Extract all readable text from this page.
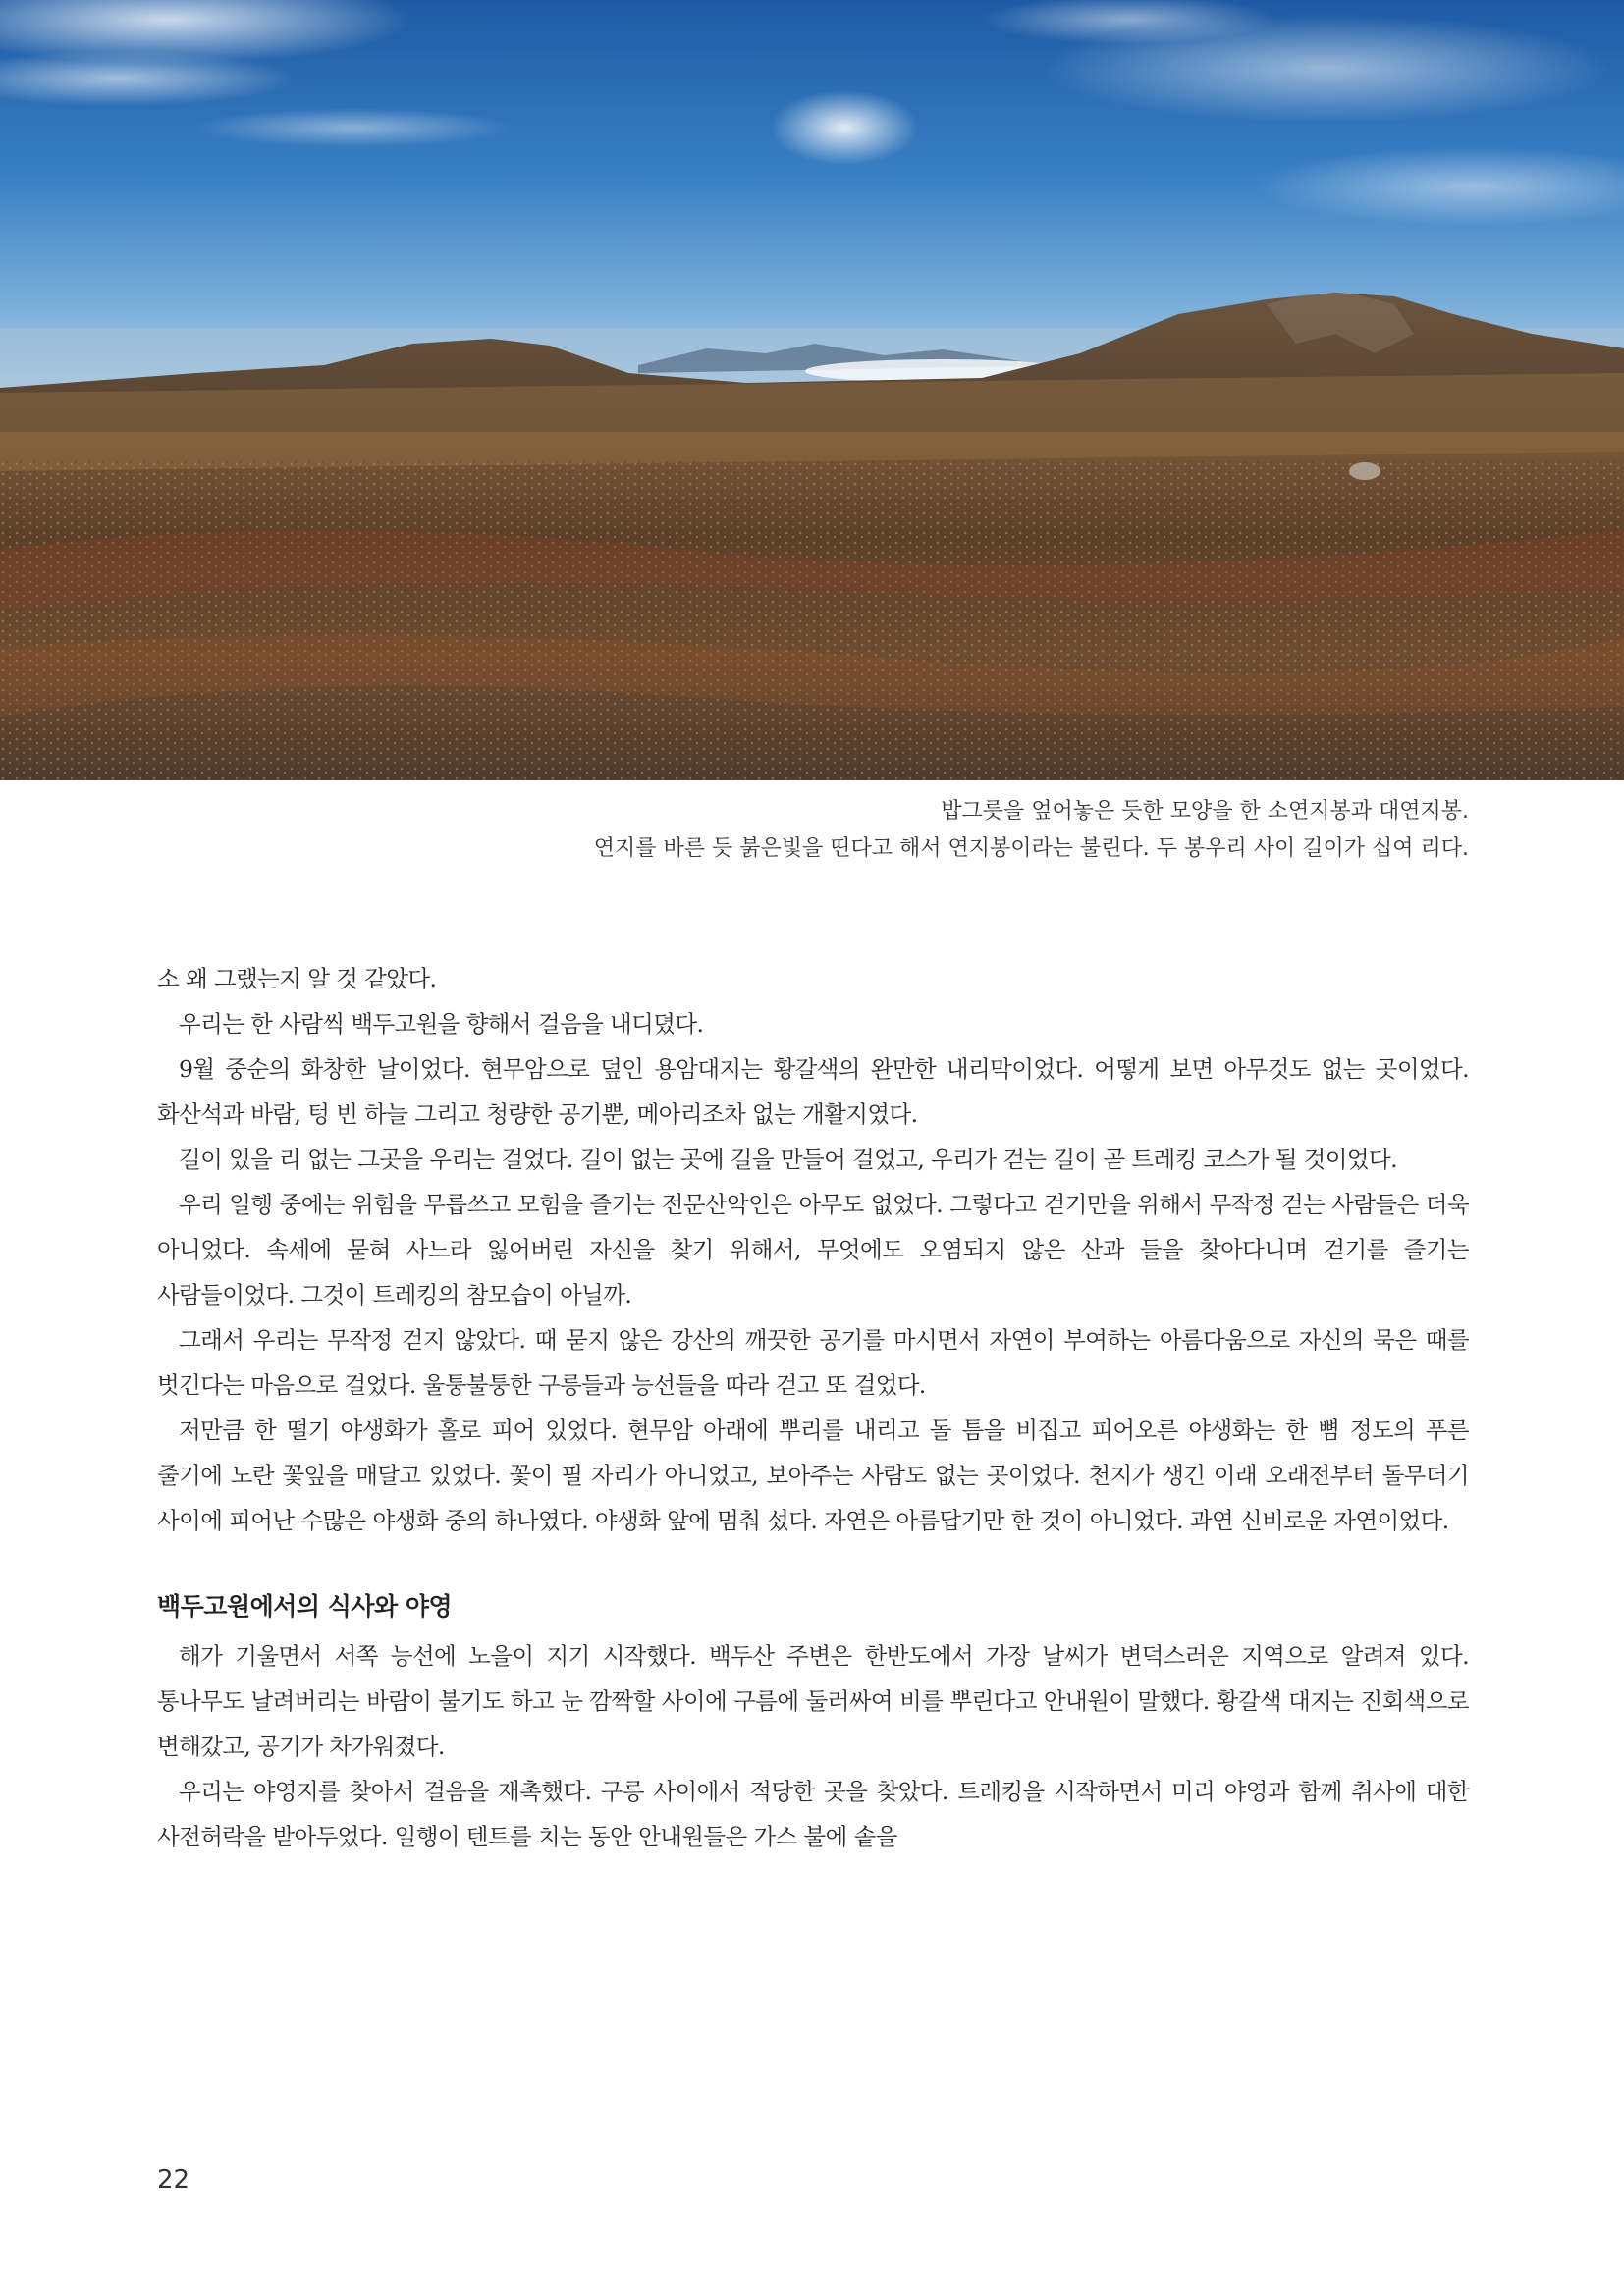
밥그릇을 엎어놓은 듯한 모양을 한 소연지봉과 대연지봉.

연지를 바른 듯 붉은빛을 띤다고 해서 연지봉이라는 불린다. 두 봉우리 사이 길이가 십여 리다.

소 왜 그랬는지 알 것 같았다.

우리는 한 사람씩 백두고원을 향해서 걸음을 내디뎠다.

9월 중순의 화창한 날이었다. 현무암으로 덮인 용암대지는 황갈색의 완만한 내리막이었다. 어떻게 보면 아무것도 없는 곳이었다. 화산석과 바람, 텅 빈 하늘 그리고 청량한 공기뿐, 메아리조차 없는 개활지였다.

길이 있을 리 없는 그곳을 우리는 걸었다. 길이 없는 곳에 길을 만들어 걸었고, 우리가 걷는 길이 곧 트레킹 코스가 될 것이었다.

우리 일행 중에는 위험을 무릅쓰고 모험을 즐기는 전문산악인은 아무도 없었다. 그렇다고 걷기만을 위해서 무작정 걷는 사람들은 더욱 아니었다. 속세에 묻혀 사느라 잃어버린 자신을 찾기 위해서, 무엇에도 오염되지 않은 산과 들을 찾아다니며 걷기를 즐기는 사람들이었다. 그것이 트레킹의 참모습이 아닐까.

그래서 우리는 무작정 걷지 않았다. 때 묻지 않은 강산의 깨끗한 공기를 마시면서 자연이 부여하는 아름다움으로 자신의 묵은 때를 벗긴다는 마음으로 걸었다. 울퉁불퉁한 구릉들과 능선들을 따라 걷고 또 걸었다.

저만큼 한 떨기 야생화가 홀로 피어 있었다. 현무암 아래에 뿌리를 내리고 돌 틈을 비집고 피어오른 야생화는 한 뼘 정도의 푸른 줄기에 노란 꽃잎을 매달고 있었다. 꽃이 필 자리가 아니었고, 보아주는 사람도 없는 곳이었다. 천지가 생긴 이래 오래전부터 돌무더기 사이에 피어난 수많은 야생화 중의 하나였다. 야생화 앞에 멈춰 섰다. 자연은 아름답기만 한 것이 아니었다. 과연 신비로운 자연이었다.

백두고원에서의 식사와 야영

해가 기울면서 서쪽 능선에 노을이 지기 시작했다. 백두산 주변은 한반도에서 가장 날씨가 변덕스러운 지역으로 알려져 있다. 통나무도 날려버리는 바람이 불기도 하고 눈 깜짝할 사이에 구름에 둘러싸여 비를 뿌린다고 안내원이 말했다. 황갈색 대지는 진회색으로 변해갔고, 공기가 차가워졌다.

우리는 야영지를 찾아서 걸음을 재촉했다. 구릉 사이에서 적당한 곳을 찾았다. 트레킹을 시작하면서 미리 야영과 함께 취사에 대한 사전허락을 받아두었다. 일행이 텐트를 치는 동안 안내원들은 가스 불에 솥을

22
